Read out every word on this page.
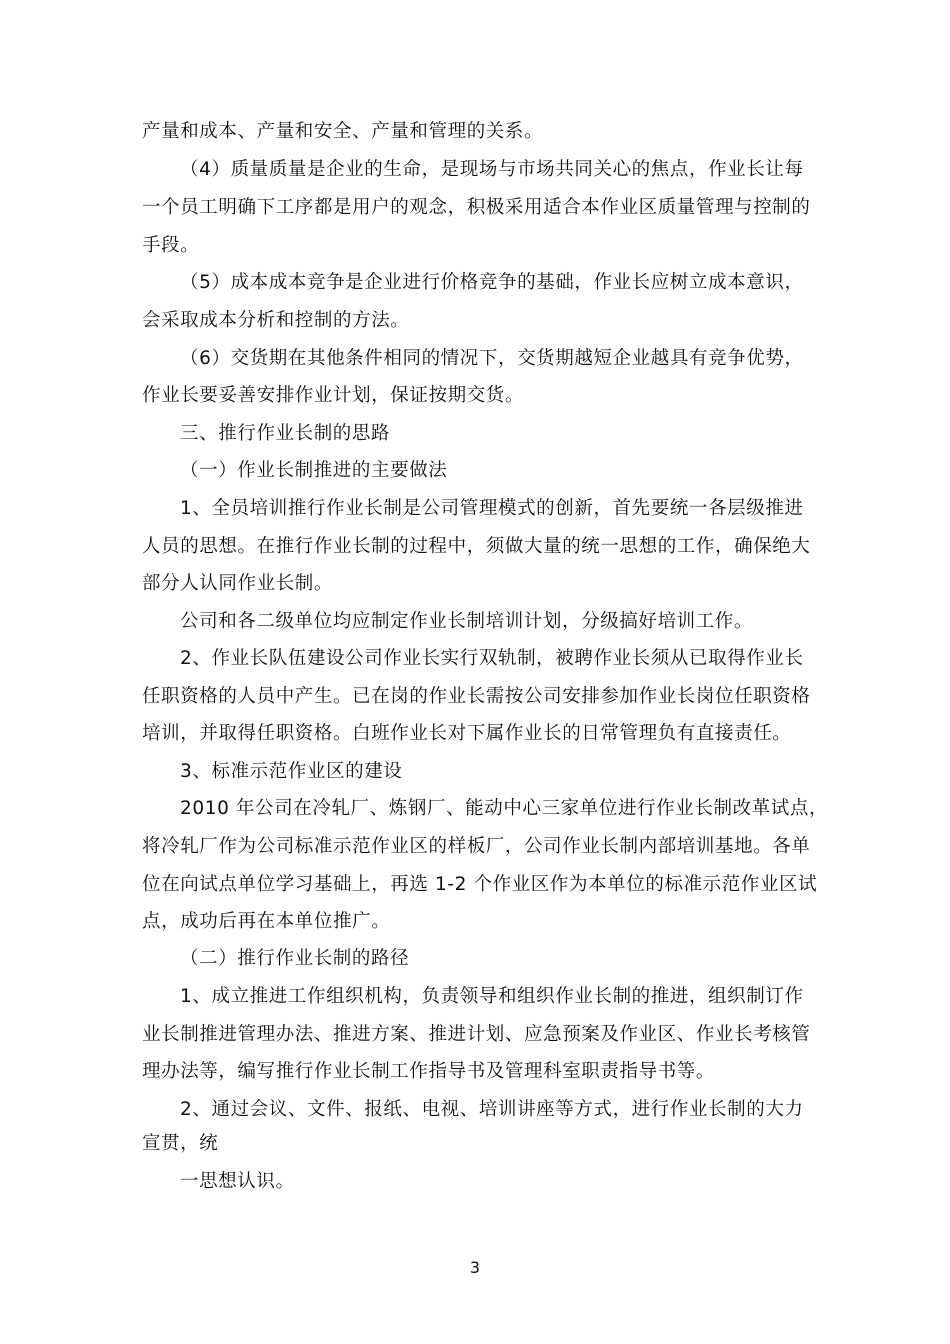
产量和成本、产量和安全、产量和管理的关系。
（4）质量质量是企业的生命，是现场与市场共同关心的焦点，作业长让每
一个员工明确下工序都是用户的观念，积极采用适合本作业区质量管理与控制的
手段。
（5）成本成本竞争是企业进行价格竞争的基础，作业长应树立成本意识，
会采取成本分析和控制的方法。
（6）交货期在其他条件相同的情况下，交货期越短企业越具有竞争优势，
作业长要妥善安排作业计划，保证按期交货。
三、推行作业长制的思路
（一）作业长制推进的主要做法
1、全员培训推行作业长制是公司管理模式的创新，首先要统一各层级推进
人员的思想。在推行作业长制的过程中，须做大量的统一思想的工作，确保绝大
部分人认同作业长制。
公司和各二级单位均应制定作业长制培训计划，分级搞好培训工作。
2、作业长队伍建设公司作业长实行双轨制，被聘作业长须从已取得作业长
任职资格的人员中产生。已在岗的作业长需按公司安排参加作业长岗位任职资格
培训，并取得任职资格。白班作业长对下属作业长的日常管理负有直接责任。
3、标准示范作业区的建设
2010 年公司在冷轧厂、炼钢厂、能动中心三家单位进行作业长制改革试点，
将冷轧厂作为公司标准示范作业区的样板厂，公司作业长制内部培训基地。各单
位在向试点单位学习基础上，再选 1-2 个作业区作为本单位的标准示范作业区试
点，成功后再在本单位推广。
（二）推行作业长制的路径
1、成立推进工作组织机构，负责领导和组织作业长制的推进，组织制订作
业长制推进管理办法、推进方案、推进计划、应急预案及作业区、作业长考核管
理办法等，编写推行作业长制工作指导书及管理科室职责指导书等。
2、通过会议、文件、报纸、电视、培训讲座等方式，进行作业长制的大力
宣贯，统
一思想认识。
3
